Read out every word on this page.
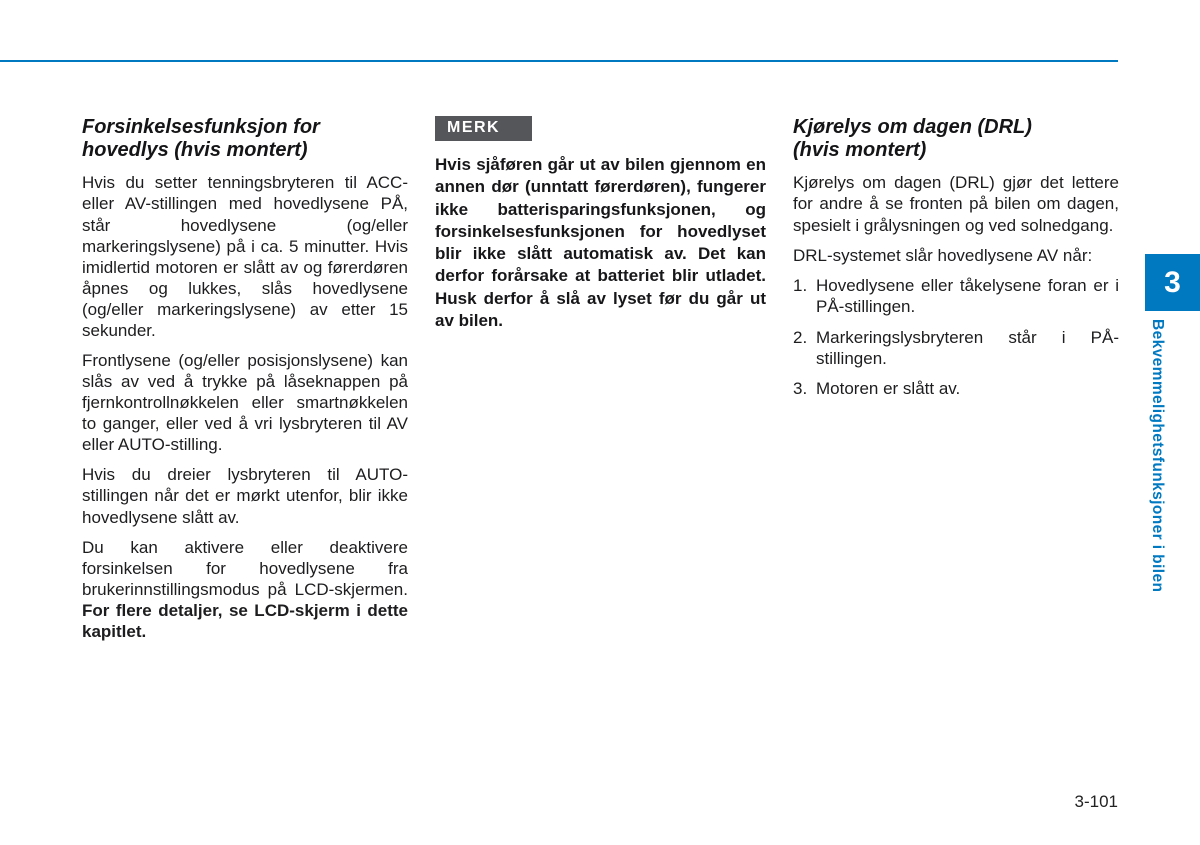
Forsinkelsesfunksjon for
hovedlys (hvis montert)

Hvis du setter tenningsbryteren til ACC- eller AV-stillingen med hovedlysene PÅ, står hovedlysene (og/eller markeringslysene) på i ca. 5 minutter. Hvis imidlertid motoren er slått av og førerdøren åpnes og lukkes, slås hovedlysene (og/eller markeringslysene) av etter 15 sekunder.

Frontlysene (og/eller posisjonslysene) kan slås av ved å trykke på låseknappen på fjernkontrollnøkkelen eller smartnøkkelen to ganger, eller ved å vri lysbryteren til AV eller AUTO-stilling.

Hvis du dreier lysbryteren til AUTO-stillingen når det er mørkt utenfor, blir ikke hovedlysene slått av.

Du kan aktivere eller deaktivere forsinkelsen for hovedlysene fra brukerinnstillingsmodus på LCD-skjermen. For flere detaljer, se LCD-skjerm i dette kapitlet.

MERK

Hvis sjåføren går ut av bilen gjennom en annen dør (unntatt førerdøren), fungerer ikke batterisparingsfunksjonen, og forsinkelsesfunksjonen for hovedlyset blir ikke slått automatisk av. Det kan derfor forårsake at batteriet blir utladet. Husk derfor å slå av lyset før du går ut av bilen.

Kjørelys om dagen (DRL)
(hvis montert)

Kjørelys om dagen (DRL) gjør det lettere for andre å se fronten på bilen om dagen, spesielt i grålysningen og ved solnedgang.

DRL-systemet slår hovedlysene AV når:

1. Hovedlysene eller tåkelysene foran er i PÅ-stillingen.
2. Markeringslysbryteren står i PÅ-stillingen.
3. Motoren er slått av.
3
Bekvemmelighetsfunksjoner i bilen
3-101
